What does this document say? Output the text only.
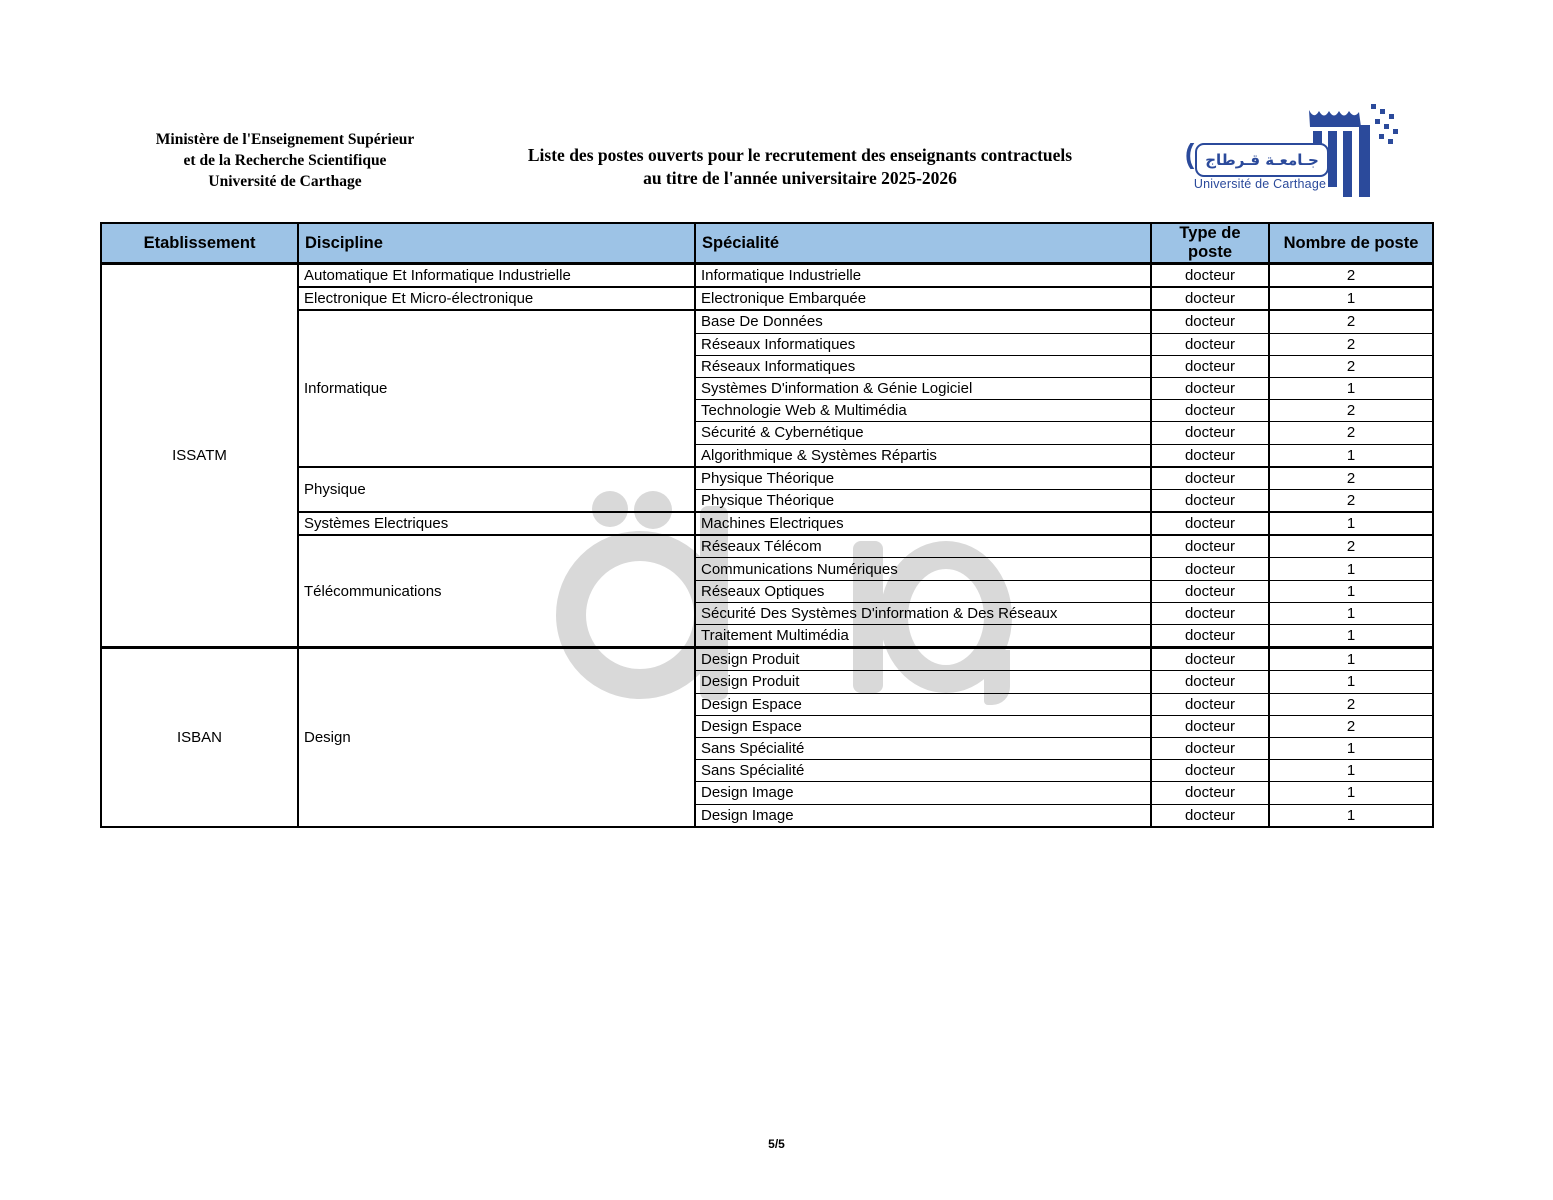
Ministère de l'Enseignement Supérieur
et de la Recherche Scientifique
Université de Carthage
Liste des postes ouverts pour le recrutement des enseignants contractuels
au titre de l'année universitaire 2025-2026
( جـامعـة قـرطاج
Université de Carthage
Etablissement	Discipline	Spécialité	Type de poste	Nombre de poste
ISSATM	Automatique Et Informatique Industrielle	Informatique Industrielle	docteur	2
	Electronique Et Micro-électronique	Electronique Embarquée	docteur	1
	Informatique	Base De Données	docteur	2
		Réseaux Informatiques	docteur	2
		Réseaux Informatiques	docteur	2
		Systèmes D'information & Génie Logiciel	docteur	1
		Technologie Web & Multimédia	docteur	2
		Sécurité & Cybernétique	docteur	2
		Algorithmique & Systèmes Répartis	docteur	1
	Physique	Physique Théorique	docteur	2
		Physique Théorique	docteur	2
	Systèmes Electriques	Machines Electriques	docteur	1
	Télécommunications	Réseaux Télécom	docteur	2
		Communications Numériques	docteur	1
		Réseaux Optiques	docteur	1
		Sécurité Des Systèmes D'information & Des Réseaux	docteur	1
		Traitement Multimédia	docteur	1
ISBAN	Design	Design Produit	docteur	1
		Design Produit	docteur	1
		Design Espace	docteur	2
		Design Espace	docteur	2
		Sans Spécialité	docteur	1
		Sans Spécialité	docteur	1
		Design Image	docteur	1
		Design Image	docteur	1
5/5
